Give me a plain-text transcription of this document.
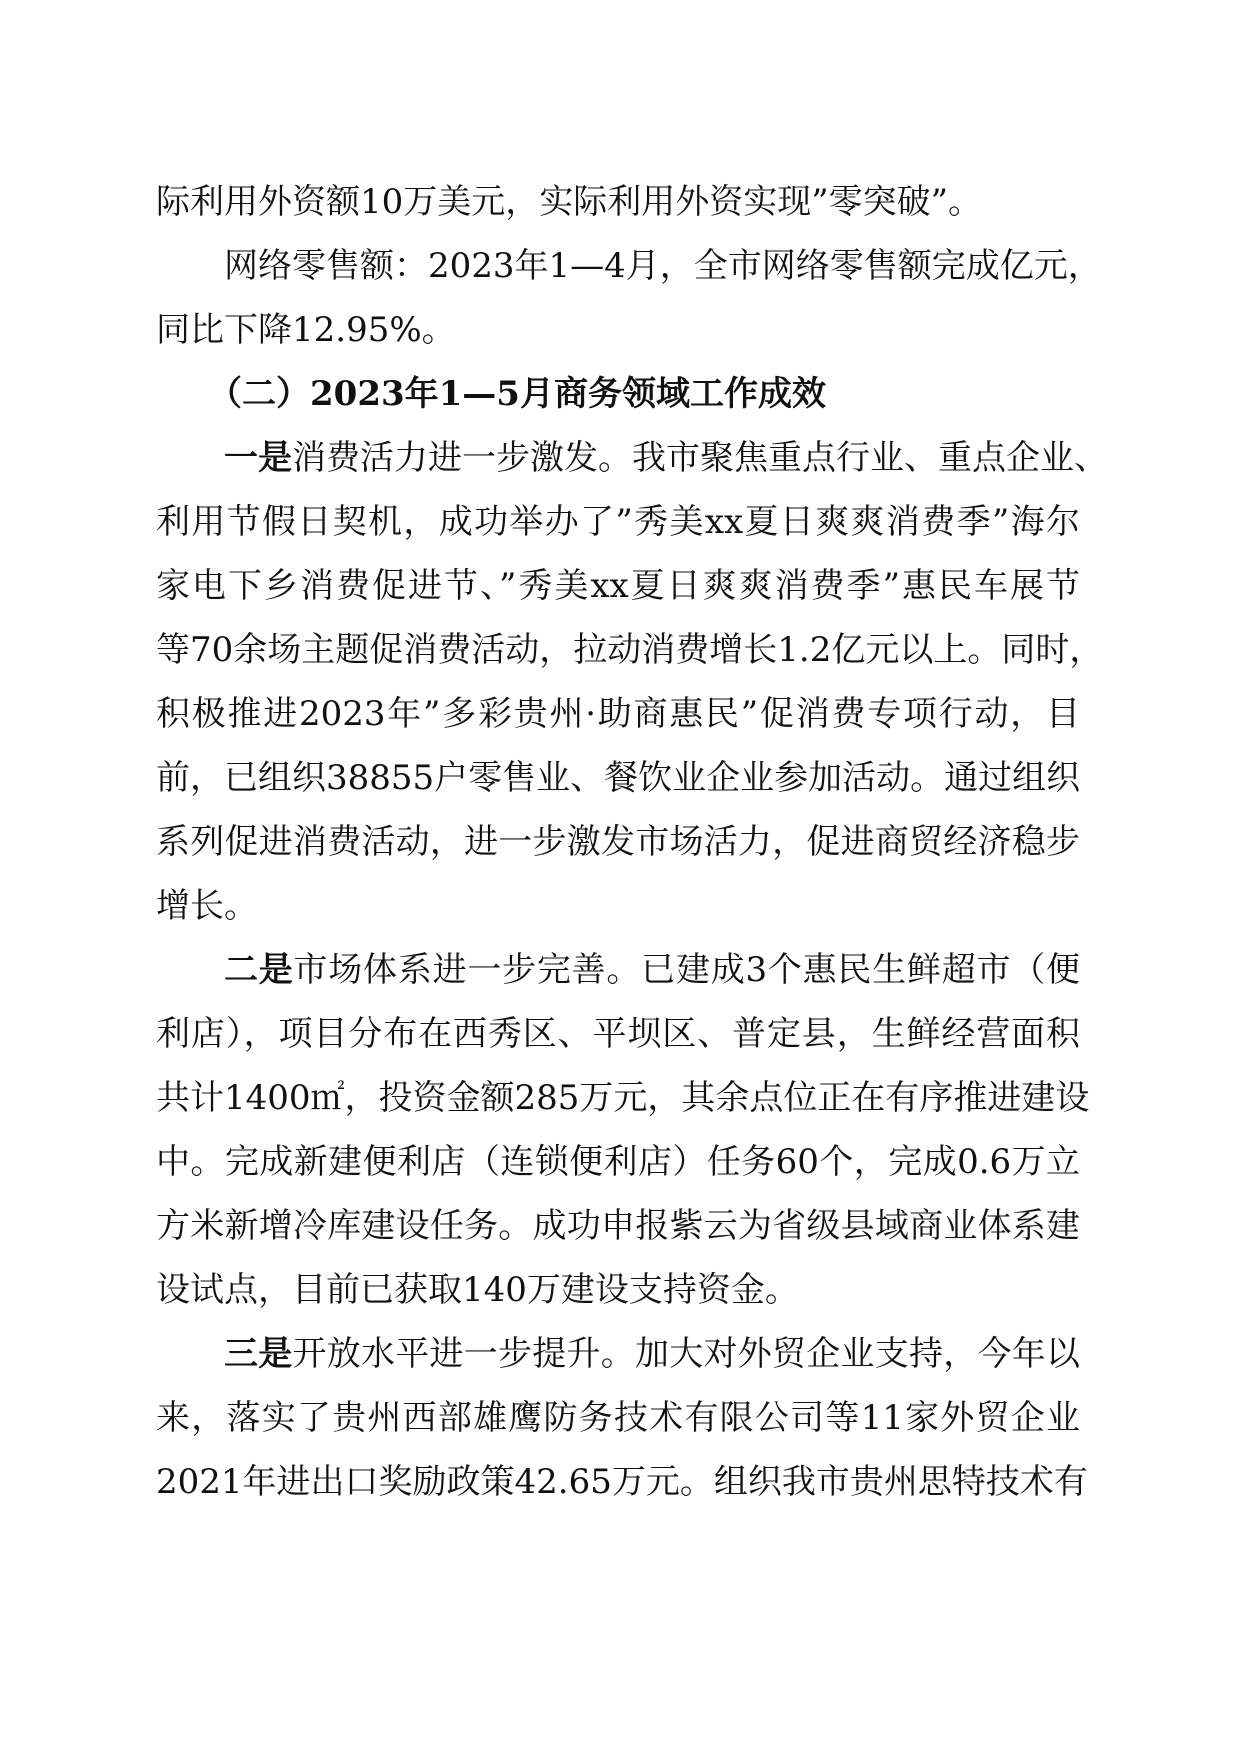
际利用外资额10万美元，实际利用外资实现”零突破”。
网络零售额：2023年1—4月，全市网络零售额完成亿元，
同比下降12.95%。
（二）2023年1—5月商务领域工作成效
一是消费活力进一步激发。我市聚焦重点行业、重点企业、
利用节假日契机，成功举办了”秀美xx夏日爽爽消费季”海尔
家电下乡消费促进节、”秀美xx夏日爽爽消费季”惠民车展节
等70余场主题促消费活动，拉动消费增长1.2亿元以上。同时，
积极推进2023年”多彩贵州·助商惠民”促消费专项行动，目
前，已组织38855户零售业、餐饮业企业参加活动。通过组织
系列促进消费活动，进一步激发市场活力，促进商贸经济稳步
增长。
二是市场体系进一步完善。已建成3个惠民生鲜超市（便
利店），项目分布在西秀区、平坝区、普定县，生鲜经营面积
共计1400㎡，投资金额285万元，其余点位正在有序推进建设
中。完成新建便利店（连锁便利店）任务60个，完成0.6万立
方米新增冷库建设任务。成功申报紫云为省级县域商业体系建
设试点，目前已获取140万建设支持资金。
三是开放水平进一步提升。加大对外贸企业支持，今年以
来，落实了贵州西部雄鹰防务技术有限公司等11家外贸企业
2021年进出口奖励政策42.65万元。组织我市贵州思特技术有
